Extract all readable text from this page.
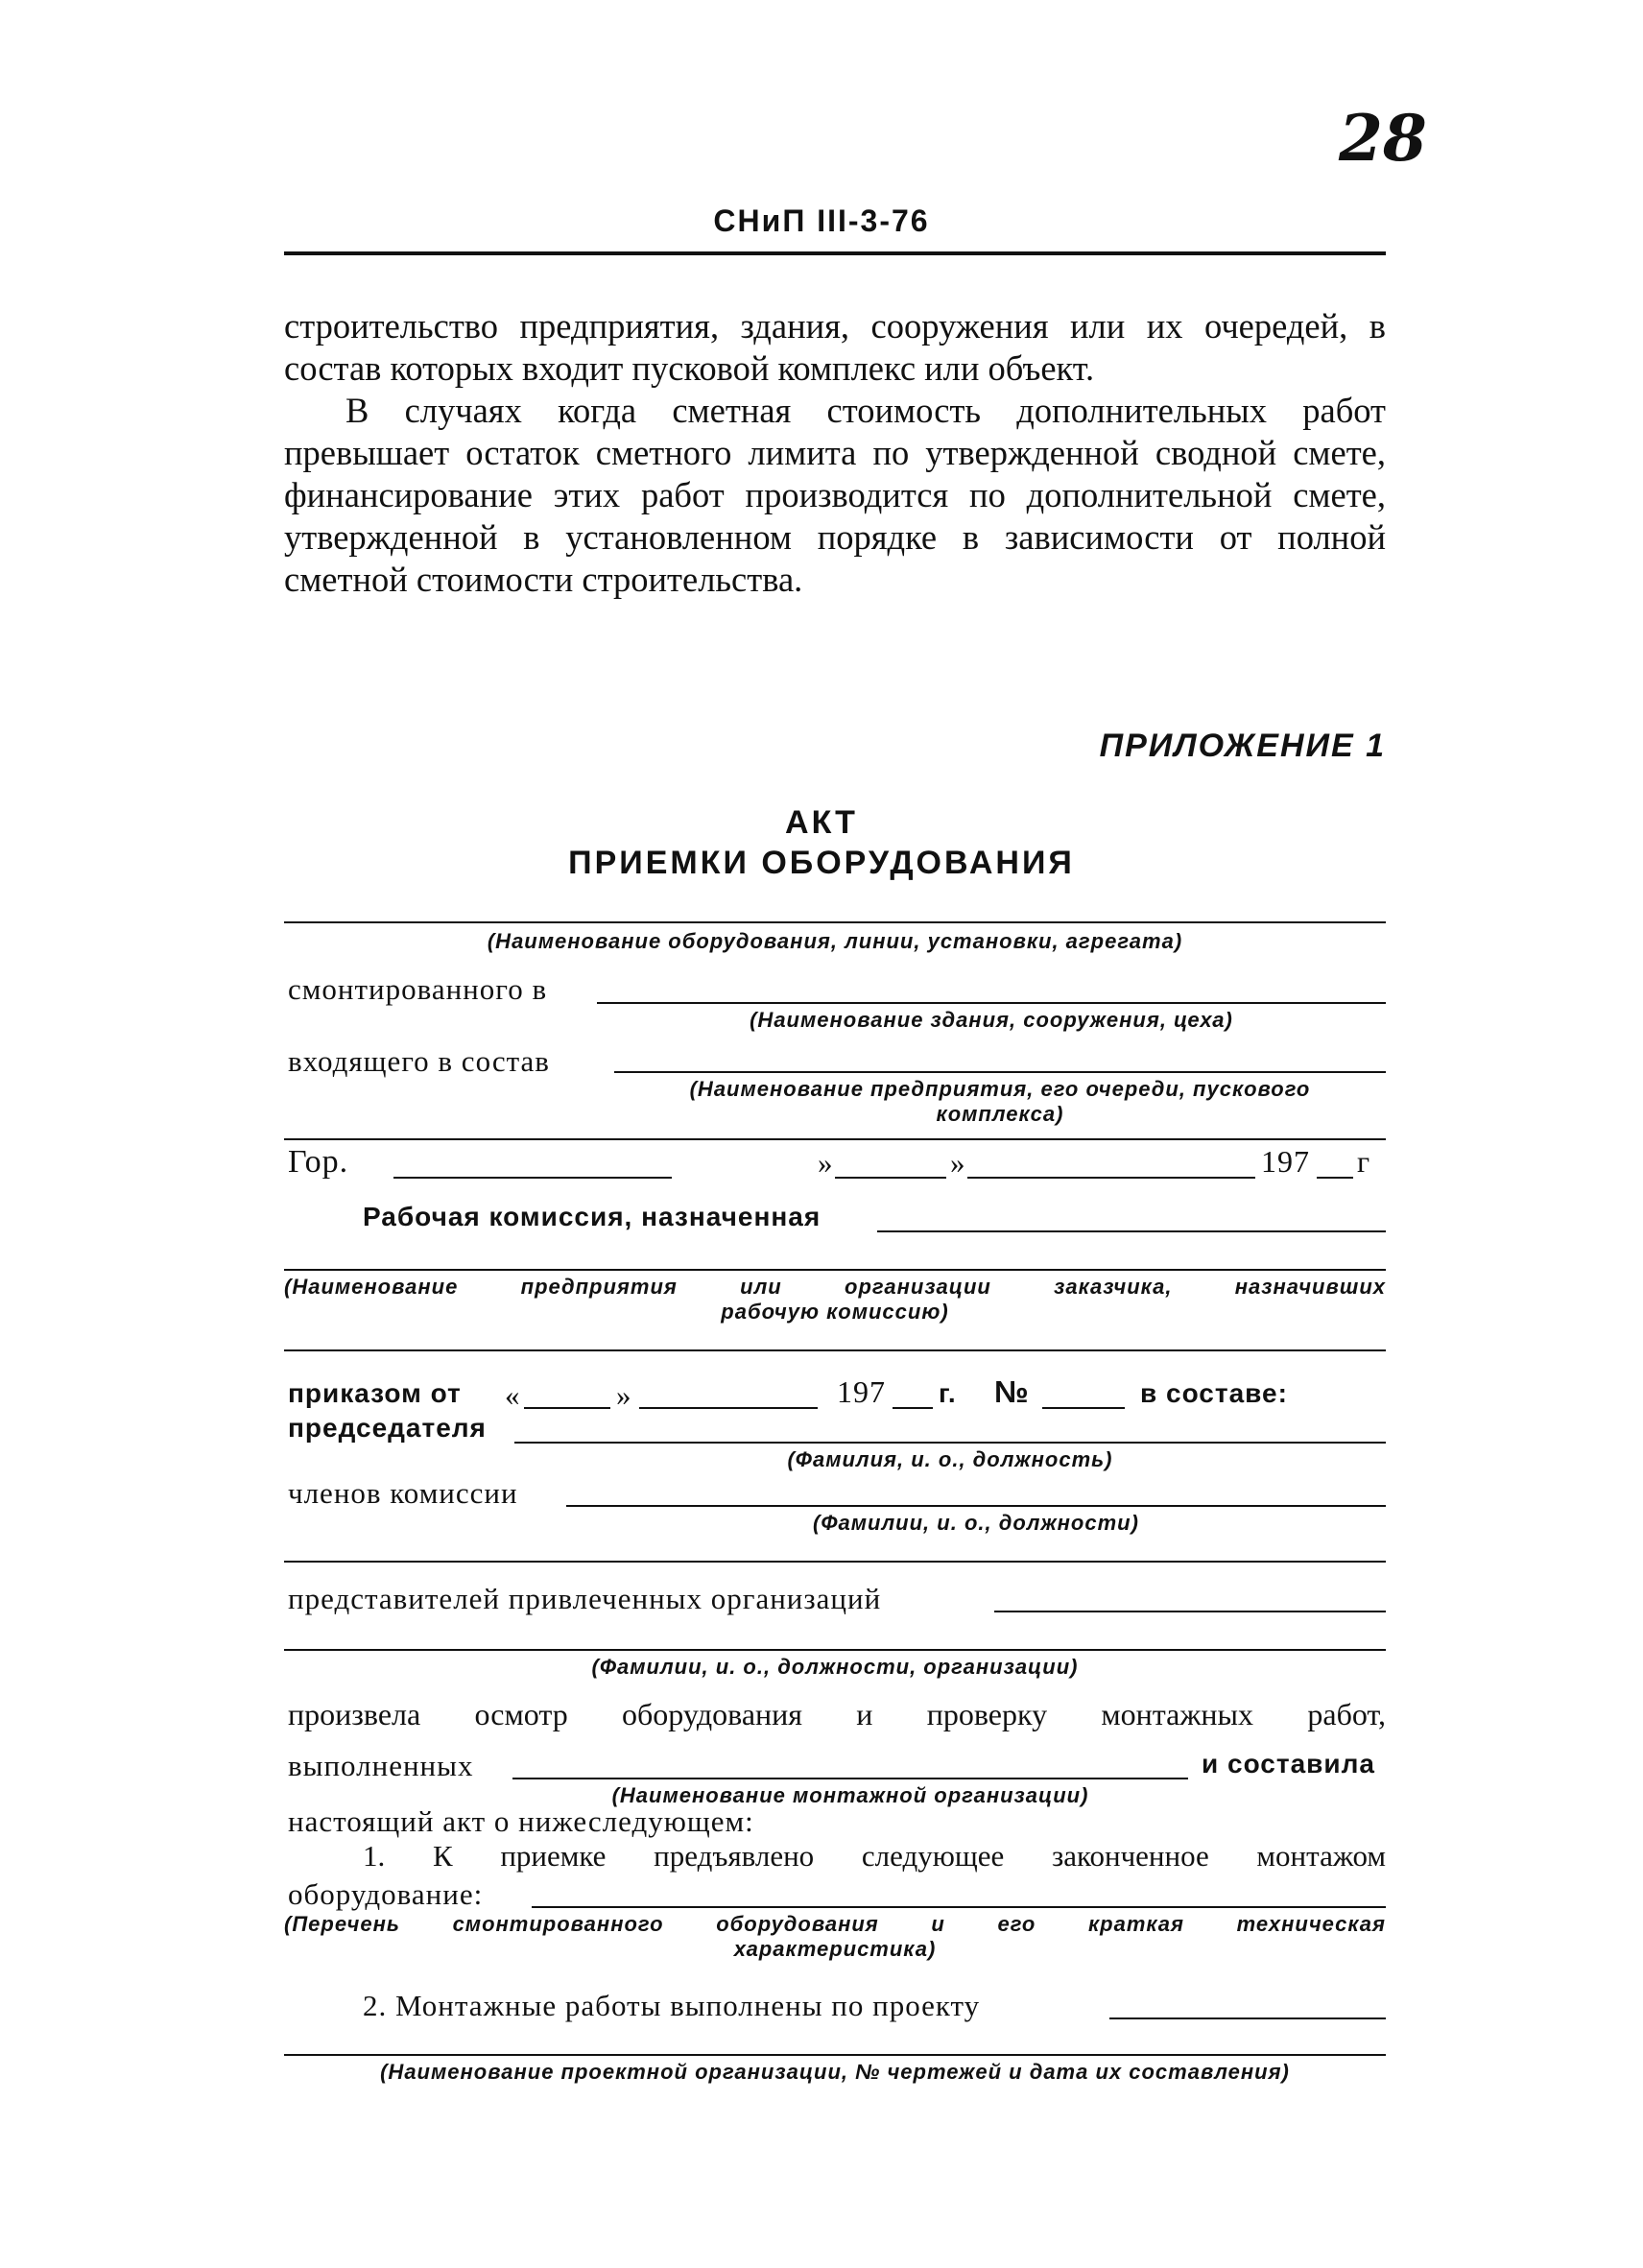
28
СНиП III-3-76

строительство предприятия, здания, сооружения или их очередей, в состав которых входит пусковой комплекс или объект.

В случаях когда сметная стоимость дополнительных работ превышает остаток сметного лимита по утвержденной сводной смете, финансирование этих работ производится по дополнительной смете, утвержденной в установленном порядке в зависимости от полной сметной стоимости строительства.

ПРИЛОЖЕНИЕ 1
АКТ
ПРИЕМКИ ОБОРУДОВАНИЯ
(Наименование оборудования, линии, установки, агрегата)
смонтированного в
(Наименование здания, сооружения, цеха)
входящего в состав
(Наименование предприятия, его очереди, пускового
комплекса)
Гор.	»	»	197 г
Рабочая комиссия, назначенная
(Наименование предприятия или организации заказчика, назначивших
рабочую комиссию)
приказом от «	»	197 г. №	в составе:
председателя
(Фамилия, и. о., должность)
членов комиссии
(Фамилии, и. о., должности)
представителей привлеченных организаций
(Фамилии, и. о., должности, организации)
произвела осмотр оборудования и проверку монтажных работ,
выполненных	и составила
(Наименование монтажной организации)
настоящий акт о нижеследующем:
1. К приемке предъявлено следующее законченное монтажом
оборудование:
(Перечень смонтированного оборудования и его краткая техническая
характеристика)
2. Монтажные работы выполнены по проекту
(Наименование проектной организации, № чертежей и дата их составления)
